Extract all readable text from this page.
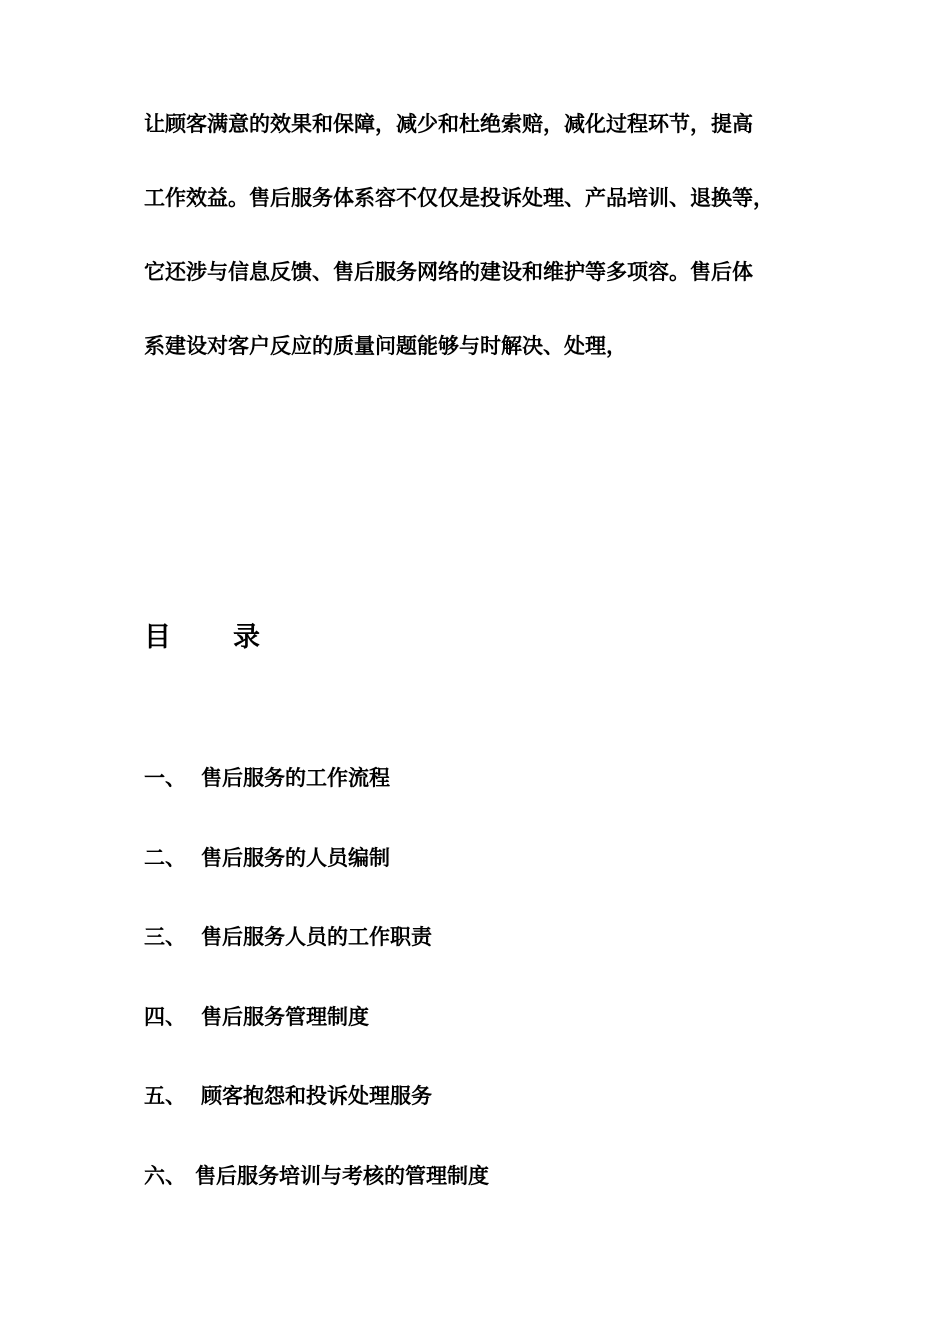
让顾客满意的效果和保障，减少和杜绝索赔，减化过程环节，提高
工作效益。售后服务体系容不仅仅是投诉处理、产品培训、退换等，
它还涉与信息反馈、售后服务网络的建设和维护等多项容。售后体
系建设对客户反应的质量问题能够与时解决、处理，
目 录
一、 售后服务的工作流程
二、 售后服务的人员编制
三、 售后服务人员的工作职责
四、 售后服务管理制度
五、 顾客抱怨和投诉处理服务
六、 售后服务培训与考核的管理制度
